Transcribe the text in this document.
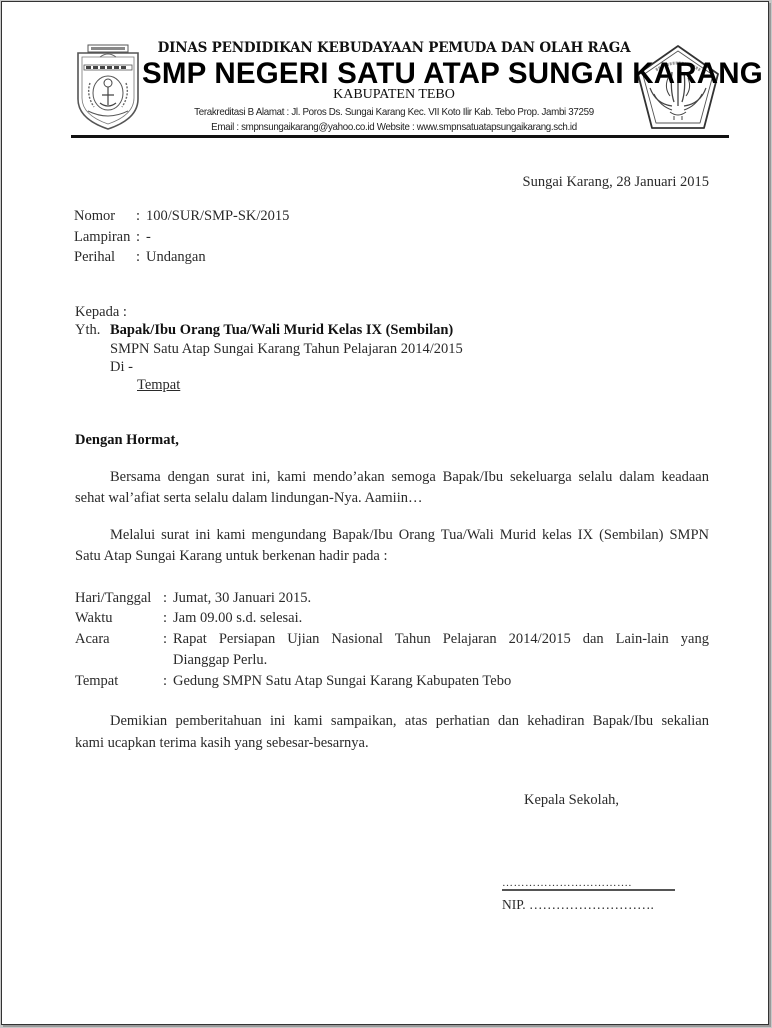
DINAS PENDIDIKAN KEBUDAYAAN PEMUDA DAN OLAH RAGA
SMP NEGERI SATU ATAP SUNGAI KARANG
KABUPATEN TEBO
Terakreditasi B Alamat : Jl. Poros Ds. Sungai Karang Kec. VII Koto Ilir Kab. Tebo Prop. Jambi 37259
Email : smpnsungaikarang@yahoo.co.id Website : www.smpnsatuatapsungaikarang.sch.id
Sungai Karang, 28 Januari 2015
Nomor : 100/SUR/SMP-SK/2015
Lampiran : -
Perihal : Undangan
Kepada :
Yth. Bapak/Ibu Orang Tua/Wali Murid Kelas IX (Sembilan)
SMPN Satu Atap Sungai Karang Tahun Pelajaran 2014/2015
Di -
Tempat
Dengan Hormat,
Bersama dengan surat ini, kami mendo’akan semoga Bapak/Ibu sekeluarga selalu dalam keadaan
sehat wal’afiat serta selalu dalam lindungan-Nya. Aamiin…
Melalui surat ini kami mengundang Bapak/Ibu Orang Tua/Wali Murid kelas IX (Sembilan) SMPN
Satu Atap Sungai Karang untuk berkenan hadir pada :
Hari/Tanggal : Jumat, 30 Januari 2015.
Waktu	: Jam 09.00 s.d. selesai.
Acara	: Rapat Persiapan Ujian Nasional Tahun Pelajaran 2014/2015 dan Lain-lain yang
Dianggap Perlu.
Tempat	: Gedung SMPN Satu Atap Sungai Karang Kabupaten Tebo
Demikian pemberitahuan ini kami sampaikan, atas perhatian dan kehadiran Bapak/Ibu sekalian
kami ucapkan terima kasih yang sebesar-besarnya.
Kepala Sekolah,
…………………………….
NIP. ……………………….
